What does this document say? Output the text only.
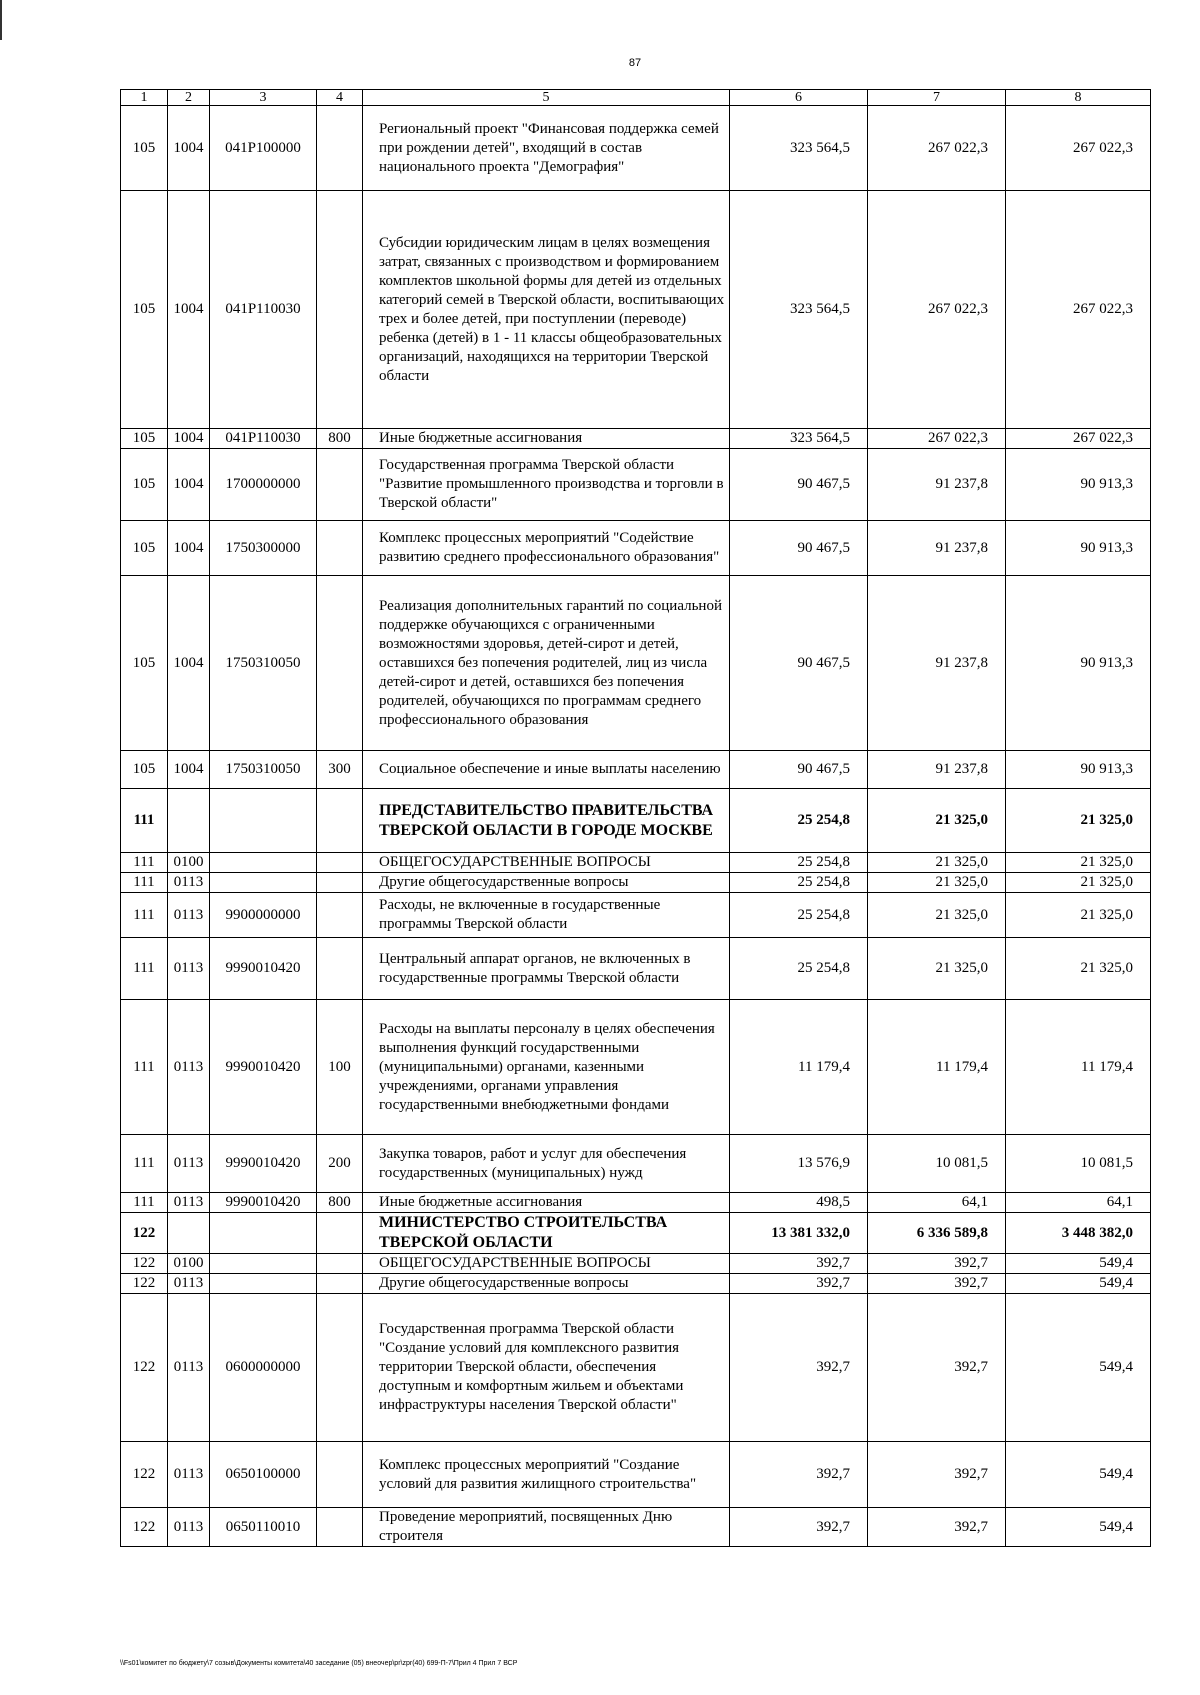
87
1	2	3	4	5	6	7	8
105	1004	041P100000		Региональный проект "Финансовая поддержка семей при рождении детей", входящий в состав национального проекта "Демография"	323 564,5	267 022,3	267 022,3
105	1004	041P110030		Субсидии юридическим лицам в целях возмещения затрат, связанных с производством и формированием комплектов школьной формы для детей из отдельных категорий семей в Тверской области, воспитывающих трех и более детей, при поступлении (переводе) ребенка (детей) в 1 - 11 классы общеобразовательных организаций, находящихся на территории Тверской области	323 564,5	267 022,3	267 022,3
105	1004	041P110030	800	Иные бюджетные ассигнования	323 564,5	267 022,3	267 022,3
105	1004	1700000000		Государственная программа Тверской области "Развитие промышленного производства и торговли в Тверской области"	90 467,5	91 237,8	90 913,3
105	1004	1750300000		Комплекс процессных мероприятий "Содействие развитию среднего профессионального образования"	90 467,5	91 237,8	90 913,3
105	1004	1750310050		Реализация дополнительных гарантий по социальной поддержке обучающихся с ограниченными возможностями здоровья, детей-сирот и детей, оставшихся без попечения родителей, лиц из числа детей-сирот и детей, оставшихся без попечения родителей, обучающихся по программам среднего профессионального образования	90 467,5	91 237,8	90 913,3
105	1004	1750310050	300	Социальное обеспечение и иные выплаты населению	90 467,5	91 237,8	90 913,3
111				ПРЕДСТАВИТЕЛЬСТВО ПРАВИТЕЛЬСТВА ТВЕРСКОЙ ОБЛАСТИ В ГОРОДЕ МОСКВЕ	25 254,8	21 325,0	21 325,0
111	0100			ОБЩЕГОСУДАРСТВЕННЫЕ ВОПРОСЫ	25 254,8	21 325,0	21 325,0
111	0113			Другие общегосударственные вопросы	25 254,8	21 325,0	21 325,0
111	0113	9900000000		Расходы, не включенные в государственные программы Тверской области	25 254,8	21 325,0	21 325,0
111	0113	9990010420		Центральный аппарат органов, не включенных в государственные программы Тверской области	25 254,8	21 325,0	21 325,0
111	0113	9990010420	100	Расходы на выплаты персоналу в целях обеспечения выполнения функций государственными (муниципальными) органами, казенными учреждениями, органами управления государственными внебюджетными фондами	11 179,4	11 179,4	11 179,4
111	0113	9990010420	200	Закупка товаров, работ и услуг для обеспечения государственных (муниципальных) нужд	13 576,9	10 081,5	10 081,5
111	0113	9990010420	800	Иные бюджетные ассигнования	498,5	64,1	64,1
122				МИНИСТЕРСТВО СТРОИТЕЛЬСТВА ТВЕРСКОЙ ОБЛАСТИ	13 381 332,0	6 336 589,8	3 448 382,0
122	0100			ОБЩЕГОСУДАРСТВЕННЫЕ ВОПРОСЫ	392,7	392,7	549,4
122	0113			Другие общегосударственные вопросы	392,7	392,7	549,4
122	0113	0600000000		Государственная программа Тверской области "Создание условий для комплексного развития территории Тверской области, обеспечения доступным и комфортным жильем и объектами инфраструктуры населения Тверской области"	392,7	392,7	549,4
122	0113	0650100000		Комплекс процессных мероприятий "Создание условий для развития жилищного строительства"	392,7	392,7	549,4
122	0113	0650110010		Проведение мероприятий, посвященных Дню строителя	392,7	392,7	549,4
\\Fs01\комитет по бюджету\7 созыв\Документы комитета\40 заседание (05) внеочер\pr\zpr(40) 699-П-7\Прил 4 Прил 7 ВСР
